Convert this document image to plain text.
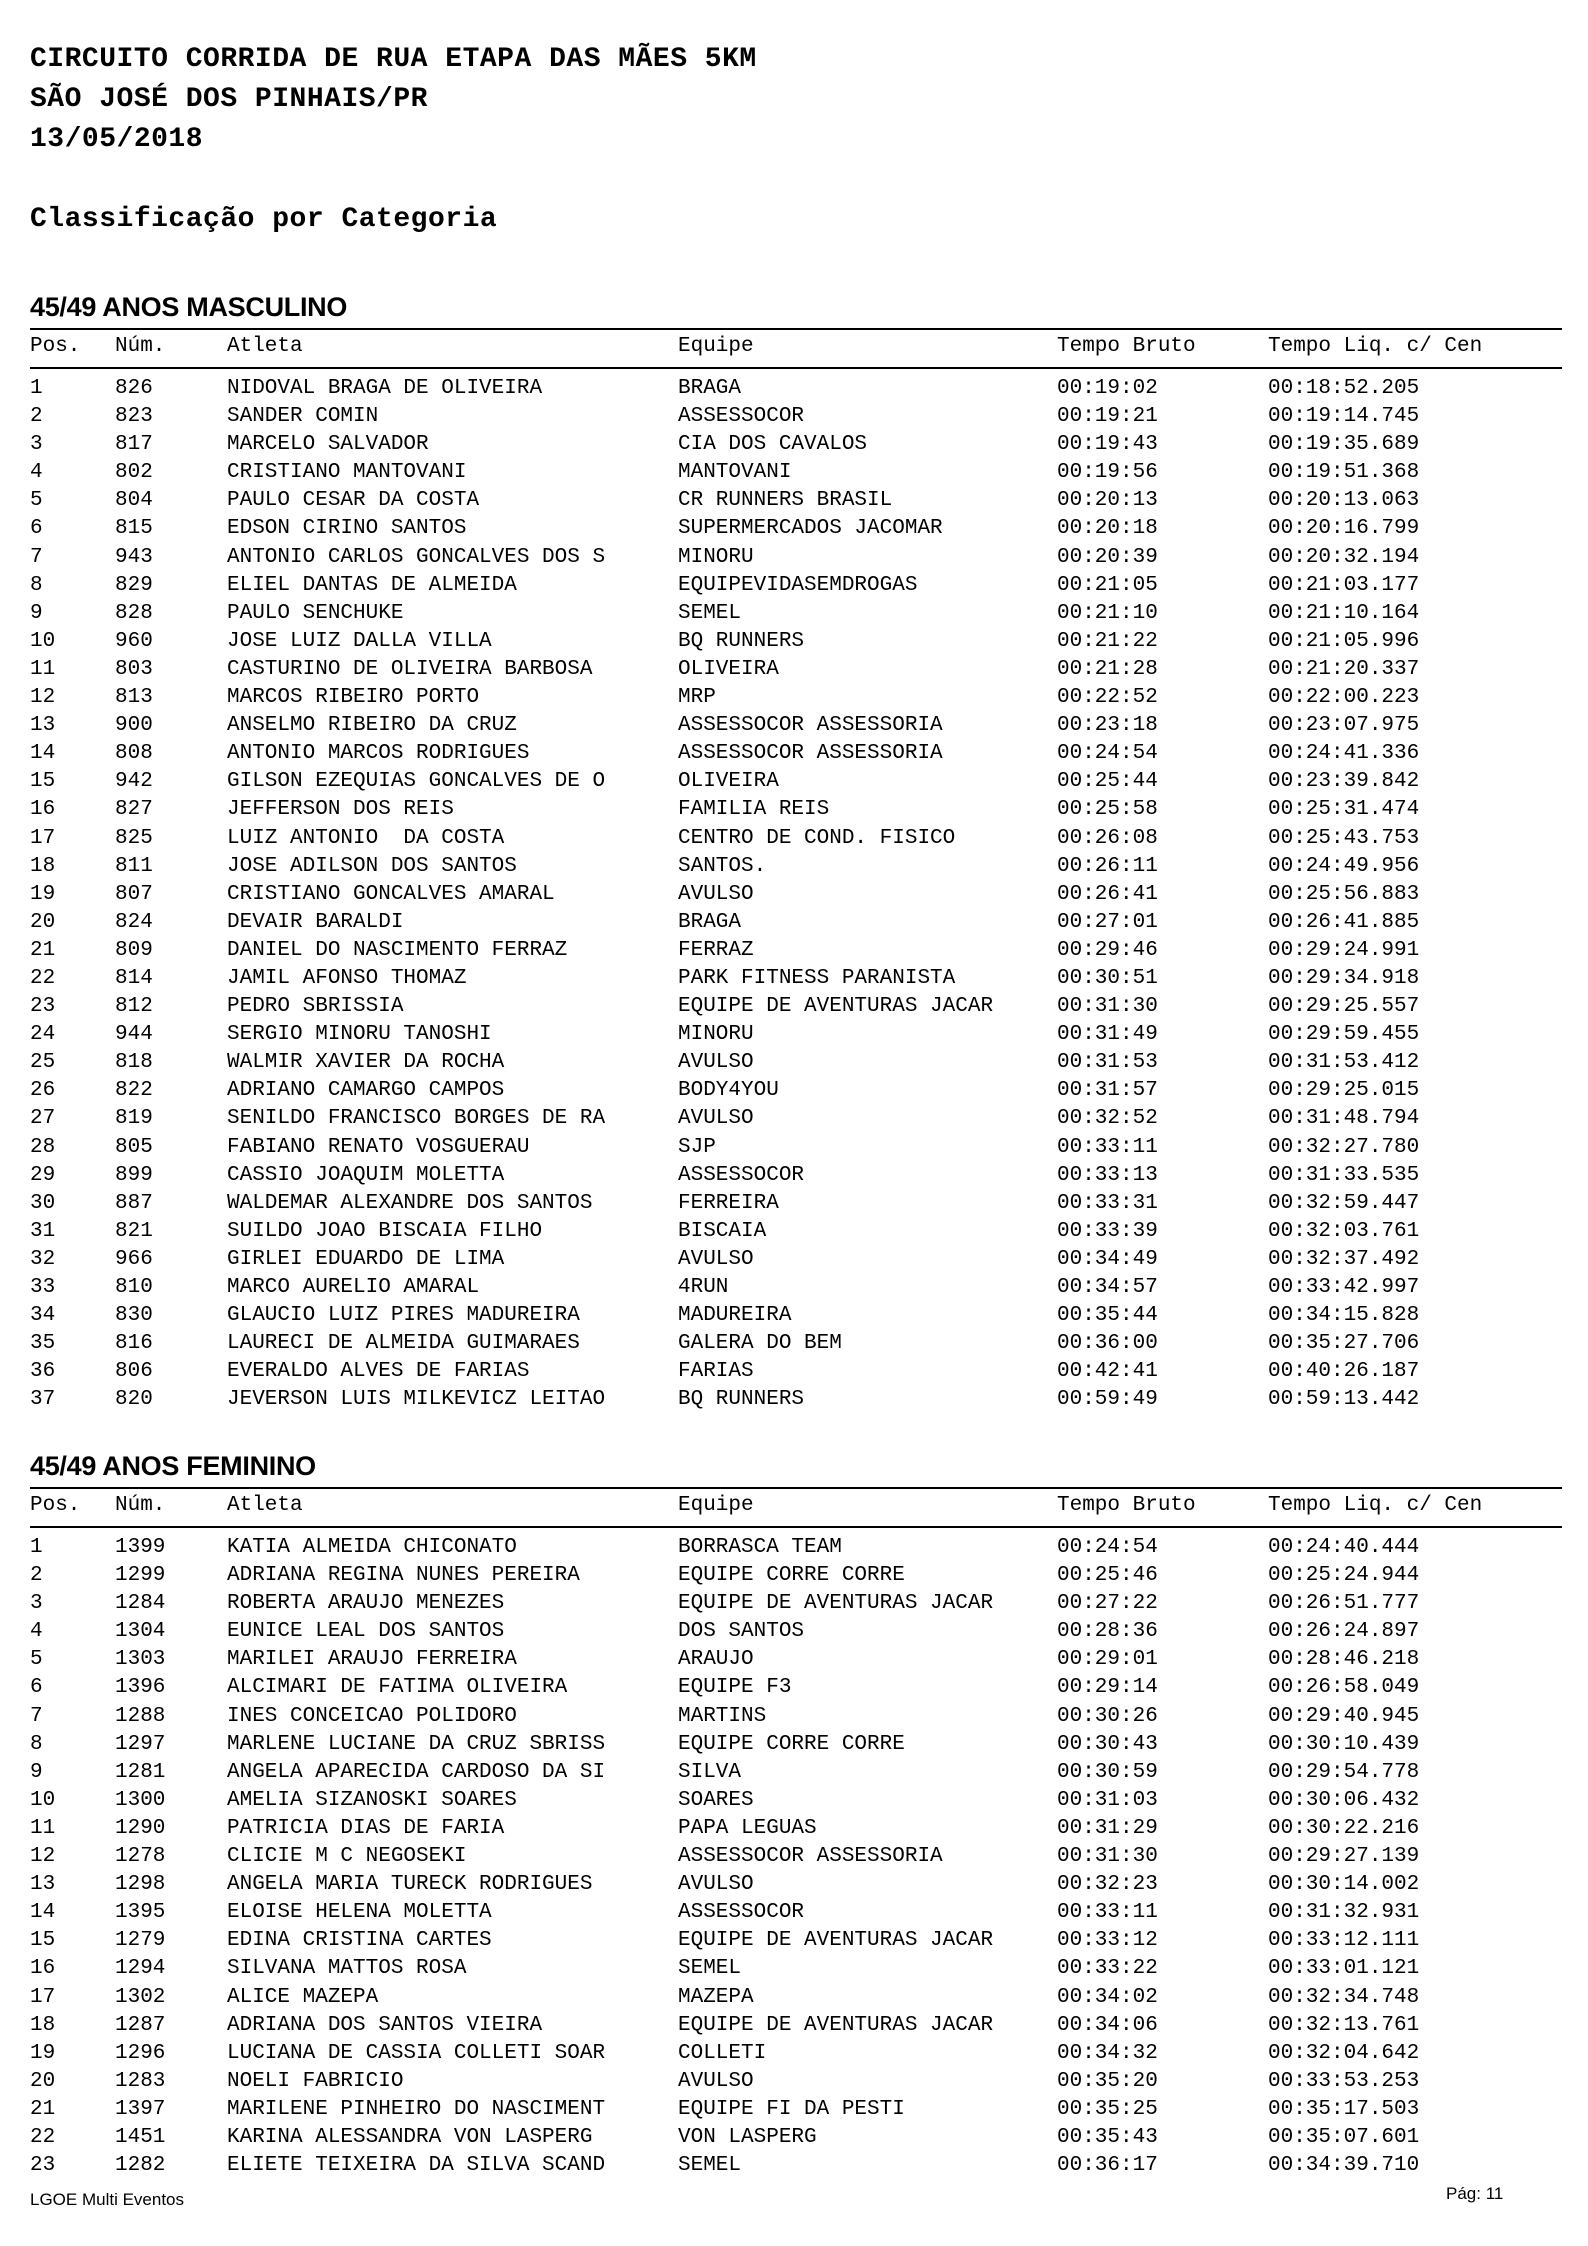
CIRCUITO CORRIDA DE RUA ETAPA DAS MÃES 5KM
SÃO JOSÉ DOS PINHAIS/PR
13/05/2018
Classificação por Categoria
45/49 ANOS MASCULINO
Pos. Núm.	Atleta	Equipe	Tempo Bruto	Tempo Liq. c/ Cen
1	826	NIDOVAL BRAGA DE OLIVEIRA	BRAGA	00:19:02	00:18:52.205
2	823	SANDER COMIN	ASSESSOCOR	00:19:21	00:19:14.745
3	817	MARCELO SALVADOR	CIA DOS CAVALOS	00:19:43	00:19:35.689
4	802	CRISTIANO MANTOVANI	MANTOVANI	00:19:56	00:19:51.368
5	804	PAULO CESAR DA COSTA	CR RUNNERS BRASIL	00:20:13	00:20:13.063
6	815	EDSON CIRINO SANTOS	SUPERMERCADOS JACOMAR	00:20:18	00:20:16.799
7	943	ANTONIO CARLOS GONCALVES DOS S	MINORU	00:20:39	00:20:32.194
8	829	ELIEL DANTAS DE ALMEIDA	EQUIPEVIDASEMDROGAS	00:21:05	00:21:03.177
9	828	PAULO SENCHUKE	SEMEL	00:21:10	00:21:10.164
10	960	JOSE LUIZ DALLA VILLA	BQ RUNNERS	00:21:22	00:21:05.996
11	803	CASTURINO DE OLIVEIRA BARBOSA	OLIVEIRA	00:21:28	00:21:20.337
12	813	MARCOS RIBEIRO PORTO	MRP	00:22:52	00:22:00.223
13	900	ANSELMO RIBEIRO DA CRUZ	ASSESSOCOR ASSESSORIA	00:23:18	00:23:07.975
14	808	ANTONIO MARCOS RODRIGUES	ASSESSOCOR ASSESSORIA	00:24:54	00:24:41.336
15	942	GILSON EZEQUIAS GONCALVES DE O	OLIVEIRA	00:25:44	00:23:39.842
16	827	JEFFERSON DOS REIS	FAMILIA REIS	00:25:58	00:25:31.474
17	825	LUIZ ANTONIO  DA COSTA	CENTRO DE COND. FISICO	00:26:08	00:25:43.753
18	811	JOSE ADILSON DOS SANTOS	SANTOS.	00:26:11	00:24:49.956
19	807	CRISTIANO GONCALVES AMARAL	AVULSO	00:26:41	00:25:56.883
20	824	DEVAIR BARALDI	BRAGA	00:27:01	00:26:41.885
21	809	DANIEL DO NASCIMENTO FERRAZ	FERRAZ	00:29:46	00:29:24.991
22	814	JAMIL AFONSO THOMAZ	PARK FITNESS PARANISTA	00:30:51	00:29:34.918
23	812	PEDRO SBRISSIA	EQUIPE DE AVENTURAS JACAR	00:31:30	00:29:25.557
24	944	SERGIO MINORU TANOSHI	MINORU	00:31:49	00:29:59.455
25	818	WALMIR XAVIER DA ROCHA	AVULSO	00:31:53	00:31:53.412
26	822	ADRIANO CAMARGO CAMPOS	BODY4YOU	00:31:57	00:29:25.015
27	819	SENILDO FRANCISCO BORGES DE RA	AVULSO	00:32:52	00:31:48.794
28	805	FABIANO RENATO VOSGUERAU	SJP	00:33:11	00:32:27.780
29	899	CASSIO JOAQUIM MOLETTA	ASSESSOCOR	00:33:13	00:31:33.535
30	887	WALDEMAR ALEXANDRE DOS SANTOS	FERREIRA	00:33:31	00:32:59.447
31	821	SUILDO JOAO BISCAIA FILHO	BISCAIA	00:33:39	00:32:03.761
32	966	GIRLEI EDUARDO DE LIMA	AVULSO	00:34:49	00:32:37.492
33	810	MARCO AURELIO AMARAL	4RUN	00:34:57	00:33:42.997
34	830	GLAUCIO LUIZ PIRES MADUREIRA	MADUREIRA	00:35:44	00:34:15.828
35	816	LAURECI DE ALMEIDA GUIMARAES	GALERA DO BEM	00:36:00	00:35:27.706
36	806	EVERALDO ALVES DE FARIAS	FARIAS	00:42:41	00:40:26.187
37	820	JEVERSON LUIS MILKEVICZ LEITAO	BQ RUNNERS	00:59:49	00:59:13.442
45/49 ANOS FEMININO
Pos. Núm.	Atleta	Equipe	Tempo Bruto	Tempo Liq. c/ Cen
1	1399	KATIA ALMEIDA CHICONATO	BORRASCA TEAM	00:24:54	00:24:40.444
2	1299	ADRIANA REGINA NUNES PEREIRA	EQUIPE CORRE CORRE	00:25:46	00:25:24.944
3	1284	ROBERTA ARAUJO MENEZES	EQUIPE DE AVENTURAS JACAR	00:27:22	00:26:51.777
4	1304	EUNICE LEAL DOS SANTOS	DOS SANTOS	00:28:36	00:26:24.897
5	1303	MARILEI ARAUJO FERREIRA	ARAUJO	00:29:01	00:28:46.218
6	1396	ALCIMARI DE FATIMA OLIVEIRA	EQUIPE F3	00:29:14	00:26:58.049
7	1288	INES CONCEICAO POLIDORO	MARTINS	00:30:26	00:29:40.945
8	1297	MARLENE LUCIANE DA CRUZ SBRISS	EQUIPE CORRE CORRE	00:30:43	00:30:10.439
9	1281	ANGELA APARECIDA CARDOSO DA SI	SILVA	00:30:59	00:29:54.778
10	1300	AMELIA SIZANOSKI SOARES	SOARES	00:31:03	00:30:06.432
11	1290	PATRICIA DIAS DE FARIA	PAPA LEGUAS	00:31:29	00:30:22.216
12	1278	CLICIE M C NEGOSEKI	ASSESSOCOR ASSESSORIA	00:31:30	00:29:27.139
13	1298	ANGELA MARIA TURECK RODRIGUES	AVULSO	00:32:23	00:30:14.002
14	1395	ELOISE HELENA MOLETTA	ASSESSOCOR	00:33:11	00:31:32.931
15	1279	EDINA CRISTINA CARTES	EQUIPE DE AVENTURAS JACAR	00:33:12	00:33:12.111
16	1294	SILVANA MATTOS ROSA	SEMEL	00:33:22	00:33:01.121
17	1302	ALICE MAZEPA	MAZEPA	00:34:02	00:32:34.748
18	1287	ADRIANA DOS SANTOS VIEIRA	EQUIPE DE AVENTURAS JACAR	00:34:06	00:32:13.761
19	1296	LUCIANA DE CASSIA COLLETI SOAR	COLLETI	00:34:32	00:32:04.642
20	1283	NOELI FABRICIO	AVULSO	00:35:20	00:33:53.253
21	1397	MARILENE PINHEIRO DO NASCIMENT	EQUIPE FI DA PESTI	00:35:25	00:35:17.503
22	1451	KARINA ALESSANDRA VON LASPERG	VON LASPERG	00:35:43	00:35:07.601
23	1282	ELIETE TEIXEIRA DA SILVA SCAND	SEMEL	00:36:17	00:34:39.710
LGOE Multi Eventos	Pág: 11
